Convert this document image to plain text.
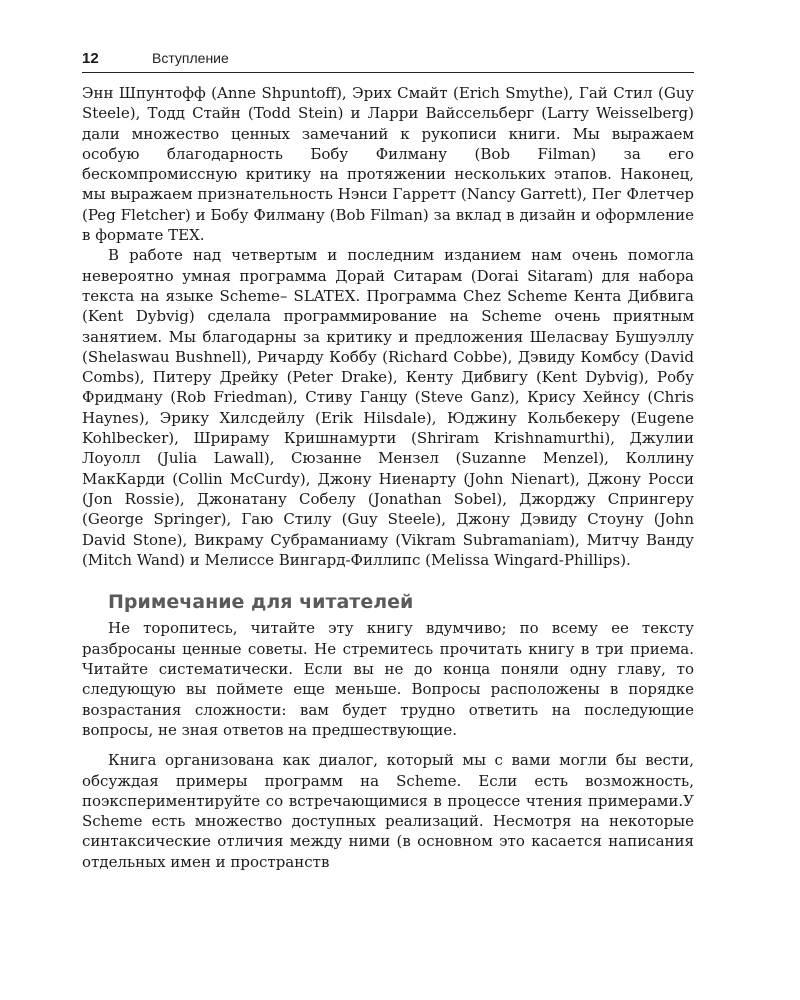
12	Вступление

Энн Шпунтофф (Anne Shpuntoff), Эрих Смайт (Erich Smythe), Гай Стил (Guy Steele), Тодд Стайн (Todd Stein) и Ларри Вайссельберг (Larry Weisselberg) дали множество ценных замечаний к рукописи книги. Мы выражаем особую благодарность Бобу Филману (Bob Filman) за его бескомпромиссную критику на протяжении нескольких этапов. Наконец, мы выражаем признательность Нэнси Гарретт (Nancy Garrett), Пег Флетчер (Peg Fletcher) и Бобу Филману (Bob Filman) за вклад в дизайн и оформление в формате TEX.

В работе над четвертым и последним изданием нам очень помогла невероятно умная программа Дорай Ситарам (Dorai Sitaram) для набора текста на языке Scheme– SLATEX. Программа Chez Scheme Кента Дибвига (Kent Dybvig) сделала программирование на Scheme очень приятным занятием. Мы благодарны за критику и предложения Шеласвау Бушуэллу (Shelaswau Bushnell), Ричарду Коббу (Richard Cobbe), Дэвиду Комбсу (David Combs), Питеру Дрейку (Peter Drake), Кенту Дибвигу (Kent Dybvig), Робу Фридману (Rob Friedman), Стиву Ганцу (Steve Ganz), Крису Хейнсу (Chris Haynes), Эрику Хилсдейлу (Erik Hilsdale), Юджину Кольбекеру (Eugene Kohlbecker), Шрираму Кришнамурти (Shriram Krishnamurthi), Джулии Лоуолл (Julia Lawall), Сюзанне Мензел (Suzanne Menzel), Коллину МакКарди (Collin McCurdy), Джону Ниенарту (John Nienart), Джону Росси (Jon Rossie), Джонатану Собелу (Jonathan Sobel), Джорджу Спрингеру (George Springer), Гаю Стилу (Guy Steele), Джону Дэвиду Стоуну (John David Stone), Викраму Субраманиаму (Vikram Subramaniam), Митчу Ванду (Mitch Wand) и Мелиссе Вингард-Филлипс (Melissa Wingard-Phillips).

Примечание для читателей

Не торопитесь, читайте эту книгу вдумчиво; по всему ее тексту разбросаны ценные советы. Не стремитесь прочитать книгу в три приема. Читайте систематически. Если вы не до конца поняли одну главу, то следующую вы поймете еще меньше. Вопросы расположены в порядке возрастания сложности: вам будет трудно ответить на последующие вопросы, не зная ответов на предшествующие.

Книга организована как диалог, который мы с вами могли бы вести, обсуждая примеры программ на Scheme. Если есть возможность, поэкспериментируйте со встречающимися в процессе чтения примерами.У Scheme есть множество доступных реализаций. Несмотря на некоторые синтаксические отличия между ними (в основном это касается написания отдельных имен и пространств
